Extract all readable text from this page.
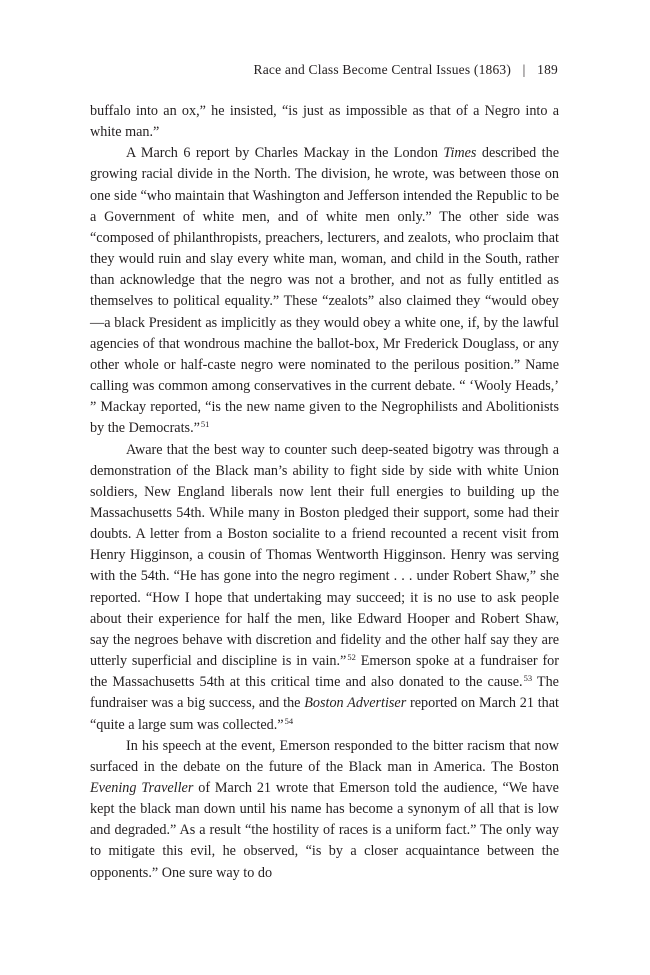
Race and Class Become Central Issues (1863) | 189

buffalo into an ox,” he insisted, “is just as impossible as that of a Negro into a white man.”

A March 6 report by Charles Mackay in the London Times described the growing racial divide in the North. The division, he wrote, was between those on one side “who maintain that Washington and Jefferson intended the Republic to be a Government of white men, and of white men only.” The other side was “composed of philanthropists, preachers, lecturers, and zealots, who proclaim that they would ruin and slay every white man, woman, and child in the South, rather than acknowledge that the negro was not a brother, and not as fully entitled as themselves to political equality.” These “zealots” also claimed they “would obey—a black President as implicitly as they would obey a white one, if, by the lawful agencies of that wondrous machine the ballot-box, Mr Frederick Douglass, or any other whole or half-caste negro were nominated to the perilous position.” Name calling was common among conservatives in the current debate. “ ‘Wooly Heads,’ ” Mackay reported, “is the new name given to the Negrophilists and Abolitionists by the Democrats.”$^{51}$

Aware that the best way to counter such deep-seated bigotry was through a demonstration of the Black man’s ability to fight side by side with white Union soldiers, New England liberals now lent their full energies to building up the Massachusetts 54th. While many in Boston pledged their support, some had their doubts. A letter from a Boston socialite to a friend recounted a recent visit from Henry Higginson, a cousin of Thomas Wentworth Higginson. Henry was serving with the 54th. “He has gone into the negro regiment . . . under Robert Shaw,” she reported. “How I hope that undertaking may succeed; it is no use to ask people about their experience for half the men, like Edward Hooper and Robert Shaw, say the negroes behave with discretion and fidelity and the other half say they are utterly superficial and discipline is in vain.”$^{52}$ Emerson spoke at a fundraiser for the Massachusetts 54th at this critical time and also donated to the cause.$^{53}$ The fundraiser was a big success, and the Boston Advertiser reported on March 21 that “quite a large sum was collected.”$^{54}$

In his speech at the event, Emerson responded to the bitter racism that now surfaced in the debate on the future of the Black man in America. The Boston Evening Traveller of March 21 wrote that Emerson told the audience, “We have kept the black man down until his name has become a synonym of all that is low and degraded.” As a result “the hostility of races is a uniform fact.” The only way to mitigate this evil, he observed, “is by a closer acquaintance between the opponents.” One sure way to do
